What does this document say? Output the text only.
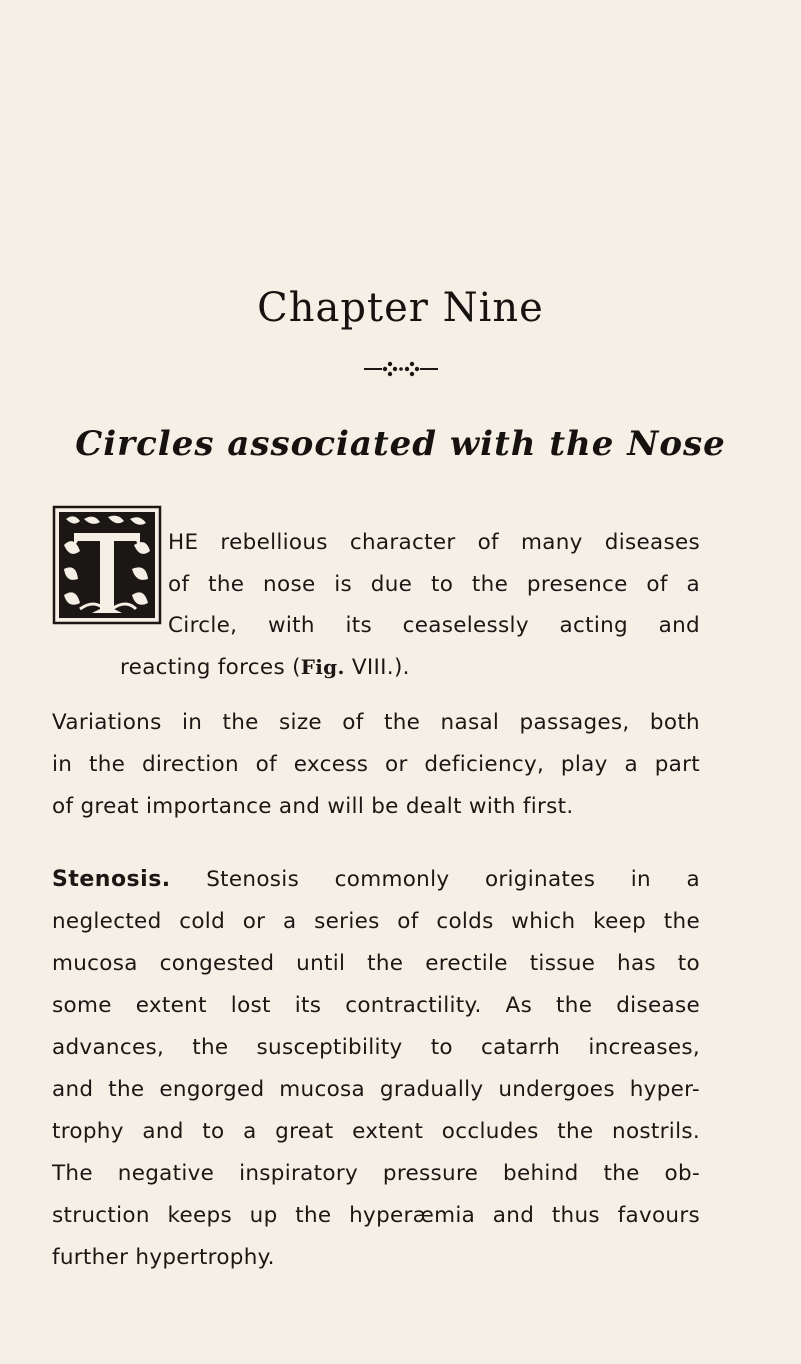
Chapter Nine
Circles associated with the Nose
HE rebellious character of many diseases
of the nose is due to the presence of a
Circle, with its ceaselessly acting and
reacting forces (Fig. VIII.).
Variations in the size of the nasal passages, both
in the direction of excess or deficiency, play a part
of great importance and will be dealt with first.
Stenosis. Stenosis commonly originates in a
neglected cold or a series of colds which keep the
mucosa congested until the erectile tissue has to
some extent lost its contractility. As the disease
advances, the susceptibility to catarrh increases,
and the engorged mucosa gradually undergoes hyper-
trophy and to a great extent occludes the nostrils.
The negative inspiratory pressure behind the ob-
struction keeps up the hyperæmia and thus favours
further hypertrophy.
